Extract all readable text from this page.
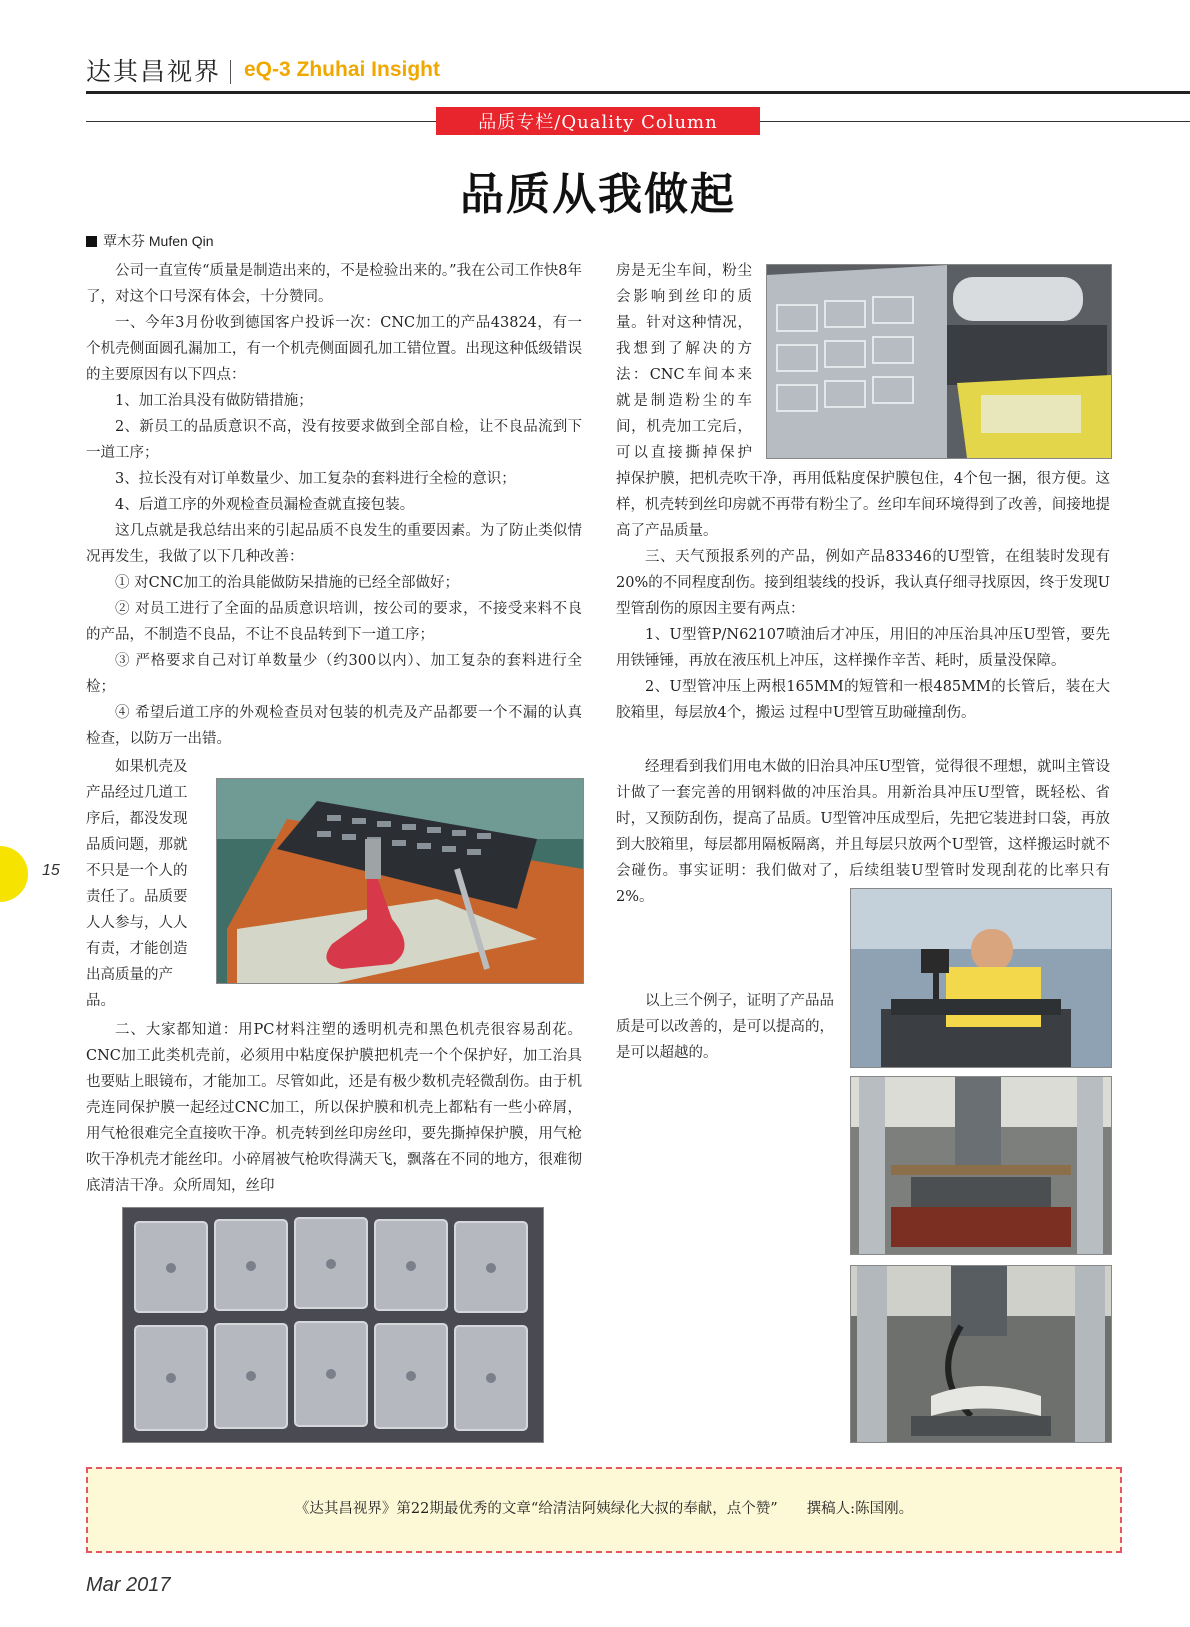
达其昌视界 eQ-3 Zhuhai Insight
品质专栏/Quality Column
品质从我做起
覃木芬 Mufen Qin

公司一直宣传“质量是制造出来的，不是检验出来的。”我在公司工作快8年了，对这个口号深有体会，十分赞同。

一、今年3月份收到德国客户投诉一次：CNC加工的产品43824，有一个机壳侧面圆孔漏加工，有一个机壳侧面圆孔加工错位置。出现这种低级错误的主要原因有以下四点：

1、加工治具没有做防错措施；

2、新员工的品质意识不高，没有按要求做到全部自检，让不良品流到下一道工序；

3、拉长没有对订单数量少、加工复杂的套料进行全检的意识；

4、后道工序的外观检查员漏检查就直接包装。

这几点就是我总结出来的引起品质不良发生的重要因素。为了防止类似情况再发生，我做了以下几种改善：

① 对CNC加工的治具能做防呆措施的已经全部做好；

② 对员工进行了全面的品质意识培训，按公司的要求，不接受来料不良的产品，不制造不良品，不让不良品转到下一道工序；

③ 严格要求自己对订单数量少（约300以内）、加工复杂的套料进行全检；

④ 希望后道工序的外观检查员对包装的机壳及产品都要一个不漏的认真检查，以防万一出错。

如果机壳及产品经过几道工序后，都没发现品质问题，那就不只是一个人的责任了。品质要人人参与，人人有责，才能创造出高质量的产品。

二、大家都知道：用PC材料注塑的透明机壳和黑色机壳很容易刮花。CNC加工此类机壳前，必须用中粘度保护膜把机壳一个个保护好，加工治具也要贴上眼镜布，才能加工。尽管如此，还是有极少数机壳轻微刮伤。由于机壳连同保护膜一起经过CNC加工，所以保护膜和机壳上都粘有一些小碎屑，用气枪很难完全直接吹干净。机壳转到丝印房丝印，要先撕掉保护膜，用气枪吹干净机壳才能丝印。小碎屑被气枪吹得满天飞，飘落在不同的地方，很难彻底清洁干净。众所周知，丝印

房是无尘车间，粉尘会影响到丝印的质量。针对这种情况，我想到了解决的方法：CNC车间本来就是制造粉尘的车间，机壳加工完后，可以直接撕掉保护

掉保护膜，把机壳吹干净，再用低粘度保护膜包住，4个包一捆，很方便。这样，机壳转到丝印房就不再带有粉尘了。丝印车间环境得到了改善，间接地提高了产品质量。

三、天气预报系列的产品，例如产品83346的U型管，在组装时发现有20%的不同程度刮伤。接到组装线的投诉，我认真仔细寻找原因，终于发现U型管刮伤的原因主要有两点：

1、U型管P/N62107喷油后才冲压，用旧的冲压治具冲压U型管，要先用铁锤锤，再放在液压机上冲压，这样操作辛苦、耗时，质量没保障。

2、U型管冲压上两根165MM的短管和一根485MM的长管后，装在大胶箱里，每层放4个，搬运 过程中U型管互助碰撞刮伤。

经理看到我们用电木做的旧治具冲压U型管，觉得很不理想，就叫主管设计做了一套完善的用钢料做的冲压治具。用新治具冲压U型管，既轻松、省时，又预防刮伤，提高了品质。U型管冲压成型后，先把它装进封口袋，再放到大胶箱里，每层都用隔板隔离，并且每层只放两个U型管，这样搬运时就不会碰伤。事实证明：我们做对了，后续组装U型管时发现刮花的比率只有2%。

以上三个例子，证明了产品品质是可以改善的，是可以提高的，是可以超越的。

15
《达其昌视界》第22期最优秀的文章“给清洁阿姨绿化大叔的奉献，点个赞”　　撰稿人:陈国刚。
Mar 2017
